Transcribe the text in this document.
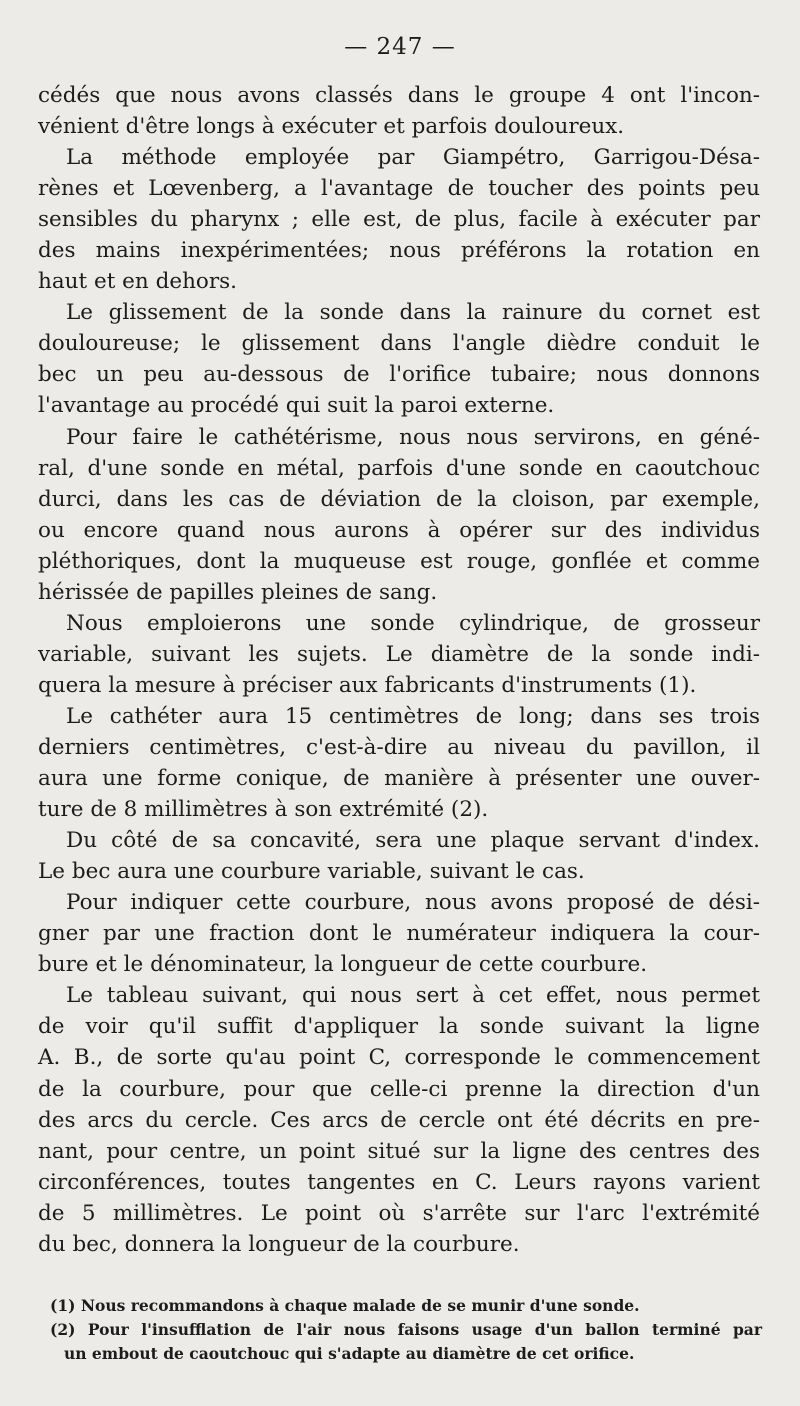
— 247 —
cédés que nous avons classés dans le groupe 4 ont l'incon-
vénient d'être longs à exécuter et parfois douloureux.
La méthode employée par Giampétro, Garrigou-Désa-
rènes et Lœvenberg, a l'avantage de toucher des points peu
sensibles du pharynx ; elle est, de plus, facile à exécuter par
des mains inexpérimentées; nous préférons la rotation en
haut et en dehors.
Le glissement de la sonde dans la rainure du cornet est
douloureuse; le glissement dans l'angle dièdre conduit le
bec un peu au-dessous de l'orifice tubaire; nous donnons
l'avantage au procédé qui suit la paroi externe.
Pour faire le cathétérisme, nous nous servirons, en géné-
ral, d'une sonde en métal, parfois d'une sonde en caoutchouc
durci, dans les cas de déviation de la cloison, par exemple,
ou encore quand nous aurons à opérer sur des individus
pléthoriques, dont la muqueuse est rouge, gonflée et comme
hérissée de papilles pleines de sang.
Nous emploierons une sonde cylindrique, de grosseur
variable, suivant les sujets. Le diamètre de la sonde indi-
quera la mesure à préciser aux fabricants d'instruments (1).
Le cathéter aura 15 centimètres de long; dans ses trois
derniers centimètres, c'est-à-dire au niveau du pavillon, il
aura une forme conique, de manière à présenter une ouver-
ture de 8 millimètres à son extrémité (2).
Du côté de sa concavité, sera une plaque servant d'index.
Le bec aura une courbure variable, suivant le cas.
Pour indiquer cette courbure, nous avons proposé de dési-
gner par une fraction dont le numérateur indiquera la cour-
bure et le dénominateur, la longueur de cette courbure.
Le tableau suivant, qui nous sert à cet effet, nous permet
de voir qu'il suffit d'appliquer la sonde suivant la ligne
A. B., de sorte qu'au point C, corresponde le commencement
de la courbure, pour que celle-ci prenne la direction d'un
des arcs du cercle. Ces arcs de cercle ont été décrits en pre-
nant, pour centre, un point situé sur la ligne des centres des
circonférences, toutes tangentes en C. Leurs rayons varient
de 5 millimètres. Le point où s'arrête sur l'arc l'extrémité
du bec, donnera la longueur de la courbure.
(1) Nous recommandons à chaque malade de se munir d'une sonde.
(2) Pour l'insufflation de l'air nous faisons usage d'un ballon terminé par
un embout de caoutchouc qui s'adapte au diamètre de cet orifice.
